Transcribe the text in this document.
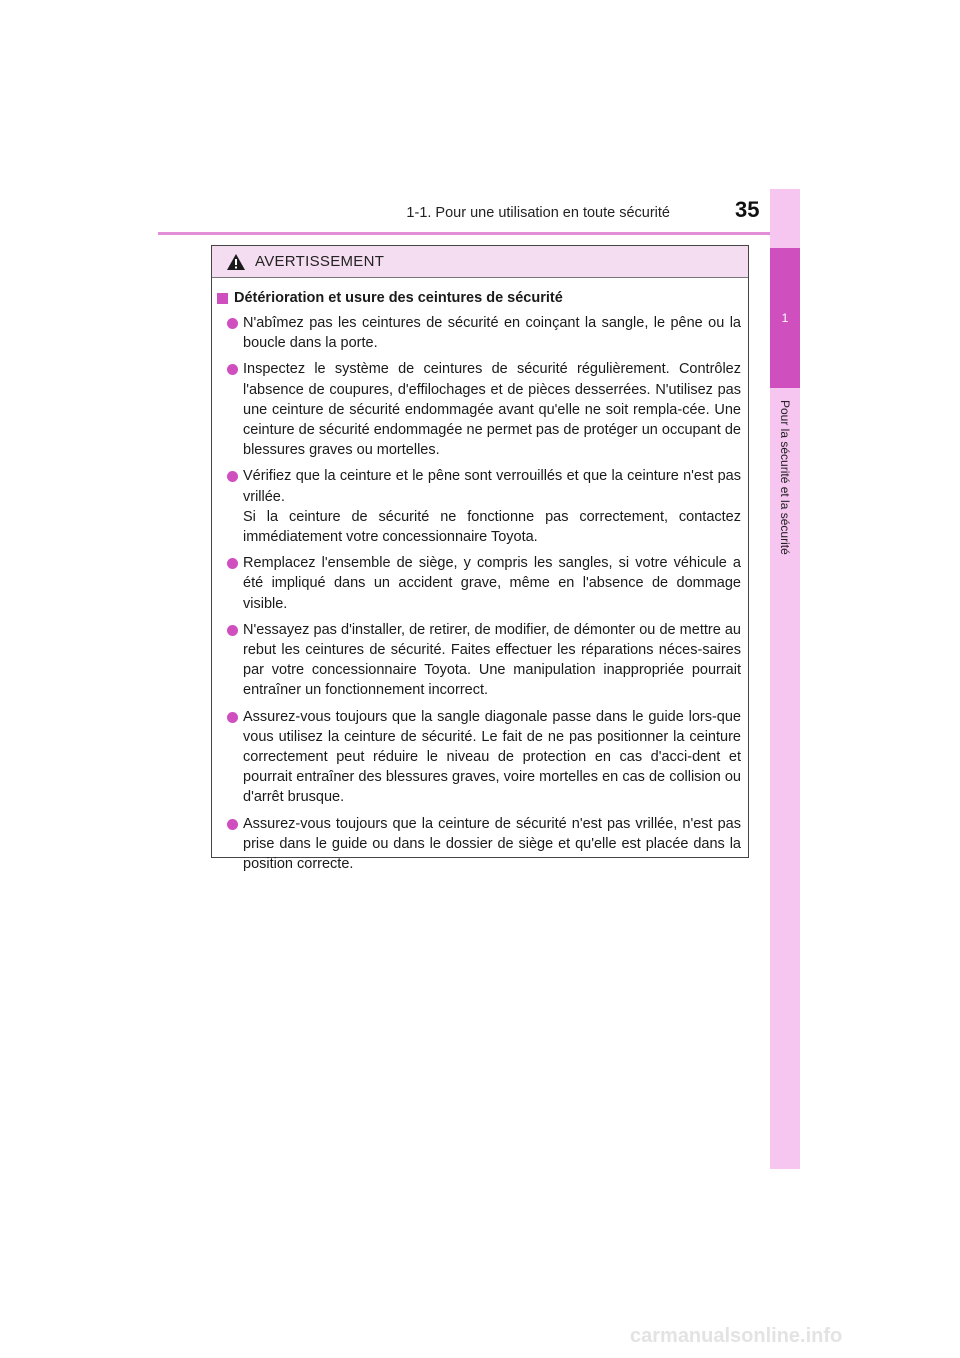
1-1. Pour une utilisation en toute sécurité	35
1
Pour la sécurité et la sécurité
AVERTISSEMENT
Détérioration et usure des ceintures de sécurité
N'abîmez pas les ceintures de sécurité en coinçant la sangle, le pêne ou la boucle dans la porte.
Inspectez le système de ceintures de sécurité régulièrement. Contrôlez l'absence de coupures, d'effilochages et de pièces desserrées. N'utilisez pas une ceinture de sécurité endommagée avant qu'elle ne soit rempla-cée. Une ceinture de sécurité endommagée ne permet pas de protéger un occupant de blessures graves ou mortelles.
Vérifiez que la ceinture et le pêne sont verrouillés et que la ceinture n'est pas vrillée.
Si la ceinture de sécurité ne fonctionne pas correctement, contactez immédiatement votre concessionnaire Toyota.
Remplacez l'ensemble de siège, y compris les sangles, si votre véhicule a été impliqué dans un accident grave, même en l'absence de dommage visible.
N'essayez pas d'installer, de retirer, de modifier, de démonter ou de mettre au rebut les ceintures de sécurité. Faites effectuer les réparations néces-saires par votre concessionnaire Toyota. Une manipulation inappropriée pourrait entraîner un fonctionnement incorrect.
Assurez-vous toujours que la sangle diagonale passe dans le guide lors-que vous utilisez la ceinture de sécurité. Le fait de ne pas positionner la ceinture correctement peut réduire le niveau de protection en cas d'acci-dent et pourrait entraîner des blessures graves, voire mortelles en cas de collision ou d'arrêt brusque.
Assurez-vous toujours que la ceinture de sécurité n'est pas vrillée, n'est pas prise dans le guide ou dans le dossier de siège et qu'elle est placée dans la position correcte.
carmanualsonline.info
